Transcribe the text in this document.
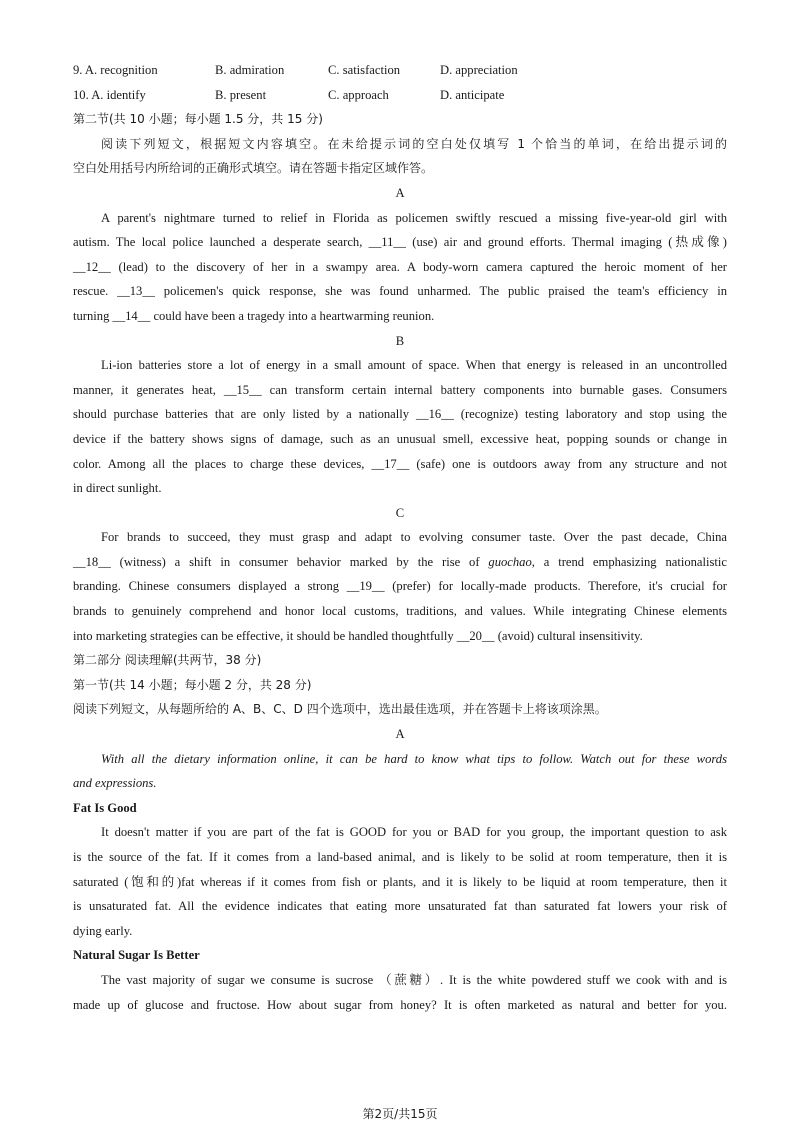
9. A. recognition	B. admiration	C. satisfaction	D. appreciation
10. A. identify	B. present	C. approach	D. anticipate
第二节(共 10 小题；每小题 1.5 分，共 15 分)
阅读下列短文，根据短文内容填空。在未给提示词的空白处仅填写 1 个恰当的单词，在给出提示词的
空白处用括号内所给词的正确形式填空。请在答题卡指定区域作答。
A
A parent's nightmare turned to relief in Florida as policemen swiftly rescued a missing five-year-old girl with
autism. The local police launched a desperate search, __11__ (use) air and ground efforts. Thermal imaging (热成像)
__12__ (lead) to the discovery of her in a swampy area. A body-worn camera captured the heroic moment of her
rescue. __13__ policemen's quick response, she was found unharmed. The public praised the team's efficiency in
turning __14__ could have been a tragedy into a heartwarming reunion.
B
Li-ion batteries store a lot of energy in a small amount of space. When that energy is released in an uncontrolled
manner, it generates heat, __15__ can transform certain internal battery components into burnable gases. Consumers
should purchase batteries that are only listed by a nationally __16__ (recognize) testing laboratory and stop using the
device if the battery shows signs of damage, such as an unusual smell, excessive heat, popping sounds or change in
color. Among all the places to charge these devices, __17__ (safe) one is outdoors away from any structure and not
in direct sunlight.
C
For brands to succeed, they must grasp and adapt to evolving consumer taste. Over the past decade, China
__18__ (witness) a shift in consumer behavior marked by the rise of guochao, a trend emphasizing nationalistic
branding. Chinese consumers displayed a strong __19__ (prefer) for locally-made products. Therefore, it's crucial for
brands to genuinely comprehend and honor local customs, traditions, and values. While integrating Chinese elements
into marketing strategies can be effective, it should be handled thoughtfully __20__ (avoid) cultural insensitivity.
第二部分 阅读理解(共两节，38 分)
第一节(共 14 小题；每小题 2 分，共 28 分)
阅读下列短文，从每题所给的 A、B、C、D 四个选项中，选出最佳选项，并在答题卡上将该项涂黑。
A
With all the dietary information online, it can be hard to know what tips to follow. Watch out for these words
and expressions.
Fat Is Good
It doesn't matter if you are part of the fat is GOOD for you or BAD for you group, the important question to ask
is the source of the fat. If it comes from a land-based animal, and is likely to be solid at room temperature, then it is
saturated (饱和的)fat whereas if it comes from fish or plants, and it is likely to be liquid at room temperature, then it
is unsaturated fat. All the evidence indicates that eating more unsaturated fat than saturated fat lowers your risk of
dying early.
Natural Sugar Is Better
The vast majority of sugar we consume is sucrose （蔗糖）. It is the white powdered stuff we cook with and is
made up of glucose and fructose. How about sugar from honey? It is often marketed as natural and better for you.
第2页/共15页
